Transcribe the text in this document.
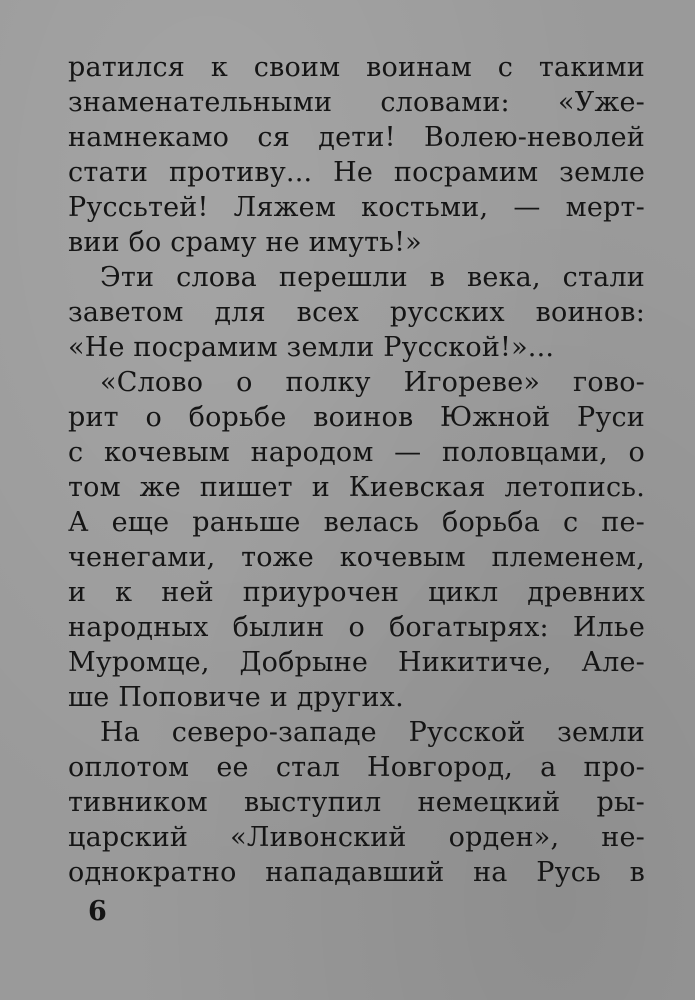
ратился к своим воинам с такими
знаменательными словами: «Уже-
намнекамо ся дети! Волею-неволей
стати противу... Не посрамим земле
Руссьтей! Ляжем костьми, — мерт-
вии бо сраму не имуть!»
Эти слова перешли в века, стали
заветом для всех русских воинов:
«Не посрамим земли Русской!»...
«Слово о полку Игореве» гово-
рит о борьбе воинов Южной Руси
с кочевым народом — половцами, о
том же пишет и Киевская летопись.
А еще раньше велась борьба с пе-
ченегами, тоже кочевым племенем,
и к ней приурочен цикл древних
народных былин о богатырях: Илье
Муромце, Добрыне Никитиче, Але-
ше Поповиче и других.
На северо-западе Русской земли
оплотом ее стал Новгород, а про-
тивником выступил немецкий ры-
царский «Ливонский орден», не-
однократно нападавший на Русь в
6
